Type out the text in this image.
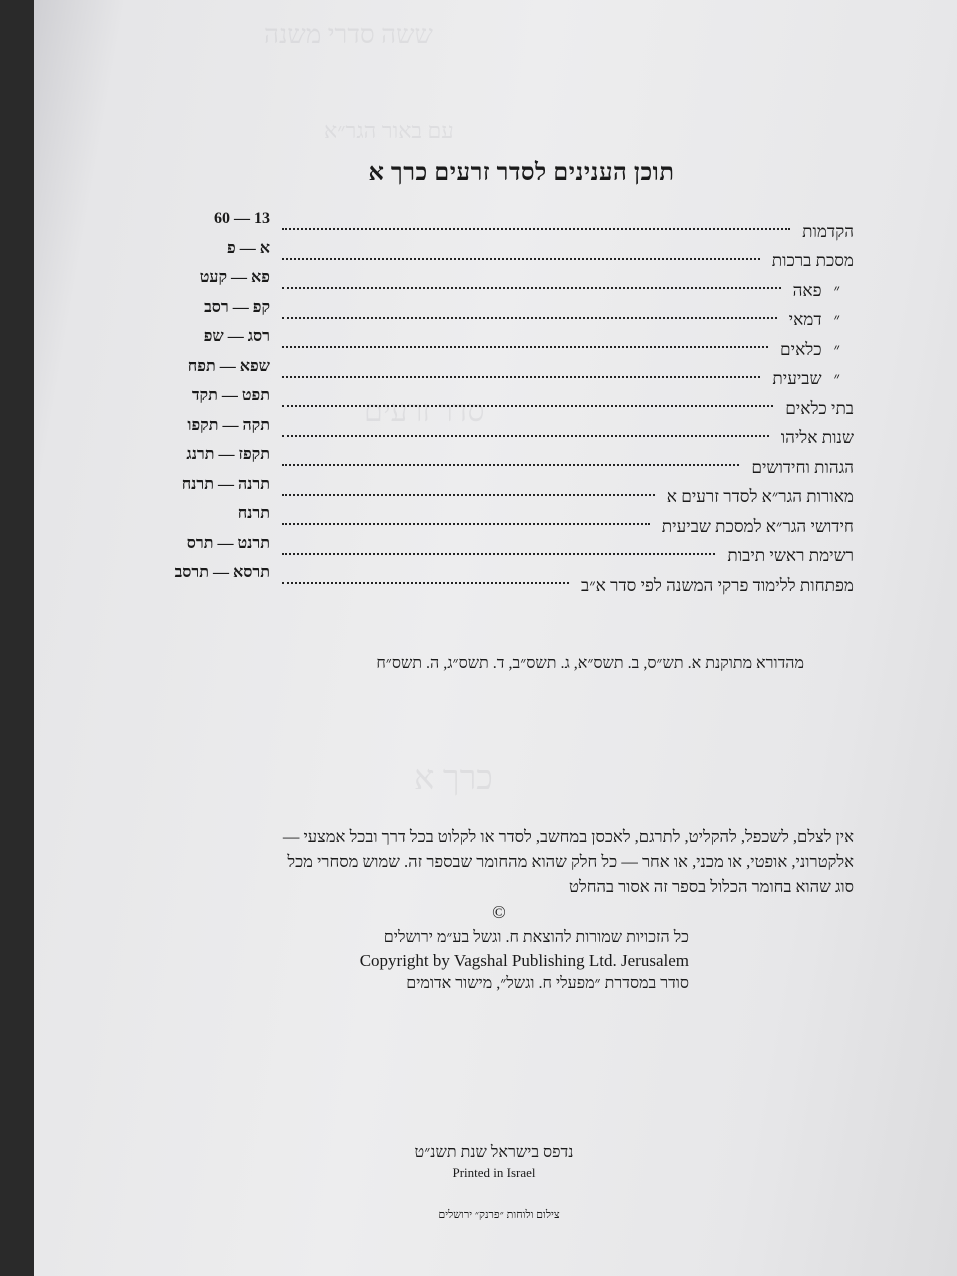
ששה סדרי משנה
עם באור הגר״א
סדר זרעים
כרך א
תוכן הענינים לסדר זרעים כרך א
הקדמות
13 — 60
מסכת ברכות
א — פ
״פאה
פא — קעט
״דמאי
קפ — רסב
״כלאים
רסג — שפ
״שביעית
שפא — תפח
בתי כלאים
תפט — תקד
שנות אליהו
תקה — תקפו
הגהות וחידושים
תקפז — תרנג
מאורות הגר״א לסדר זרעים א
תרנה — תרנח
חידושי הגר״א למסכת שביעית
תרנח
רשימת ראשי תיבות
תרנט — תרס
מפתחות ללימוד פרקי המשנה לפי סדר א״ב
תרסא — תרסב
מהדורא מתוקנת א. תש״ס, ב. תשס״א, ג. תשס״ב, ד. תשס״ג, ה. תשס״ח
אין לצלם, לשכפל, להקליט, לתרגם, לאכסן במחשב, לסדר או לקלוט בכל דרך ובכל אמצעי —
אלקטרוני, אופטי, או מכני, או אחר — כל חלק שהוא מהחומר שבספר זה. שמוש מסחרי מכל
סוג שהוא בחומר הכלול בספר זה אסור בהחלט
©
כל הזכויות שמורות להוצאת ח. וגשל בע״מ ירושלים
Copyright by Vagshal Publishing Ltd. Jerusalem
סודר במסדרת ״מפעלי ח. וגשל״, מישור אדומים
נדפס בישראל שנת תשנ״ט
Printed in Israel
צילום ולוחות ״פרנק״ ירושלים
